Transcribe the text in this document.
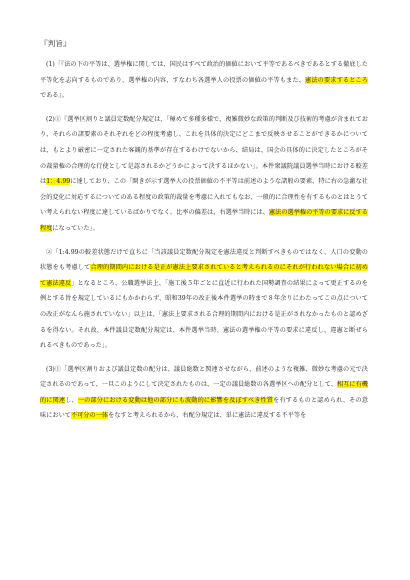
『判旨』

(1)「『法の下の平等は、選挙権に関しては、国民はすべて政治的価値において平等であるべきであるとする徹底した平等化を志向するものであり、選挙権の内容、すなわち各選挙人の投票の価値の平等もまた、憲法の要求するところである』。

(2)①『選挙区割りと議員定数配分規定は、「極めて多種多様で、複雑微妙な政策的判断及び技術的考慮が含まれており、それらの諸要素のそれぞれをどの程度考慮し、これを具体的決定にどこまで反映させることができるかについては、もとより厳密に一定された客観的基準が存在するわけでないから、結局は、国会の具体的に決定したところがその裁量権の合理的な行使として是認されるかどうかによって決するほかない」。本件衆議院議員選挙当時における較差は1：4.99に達しており、この「開きが示す選挙人の投票価値の不平等は前述のような諸般の要素、特に右の急激な社会的変化に対応するについてのある程度の政策的裁量を考慮に入れてもなお、一般的に合理性を有するものとはとうてい考えられない程度に達しているばかりでなく、比率の偏差は、右選挙当時には、憲法の選挙権の平等の要求に反する程度になっていた」。

②「1:4.99の較差状態だけで直ちに「当該議員定数配分規定を憲法違反と判断すべきものではなく、人口の変動の状態をも考慮して合理的期間内における是正が憲法上要求されていると考えられるのにそれが行われない場合に初めて憲法違反」となるところ、公職選挙法上、「施工後５年ごとに直近に行われた国勢調査の結果によって更正するのを例とする旨を規定しているにもかかわらず、昭和39年の改正後本件選挙の時まで８年余りにわたってこの点についての改正がなんら施されていない」以上は、「憲法上要求される合理的期間内における是正がされなかったものと認めざるを得ない。それ故、本件議員定数配分規定は、本件選挙当時、憲法の選挙権の平等の要求に違反し、違憲と断ぜられるべきものであった」。

(3)①「選挙区割りおよび議員定数の配分は、議員総数と関連させながら、前述のような複雑、微妙な考慮の元で決定されるのであって、一旦このようにして決定されたものは、一定の議員総数の各選挙区への配分として、相互に有機的に関連し、一の部分における変動は他の部分にも波動的に影響を及ぼすべき性質を有するものと認められ、その意味において不可分の一体をなすと考えられるから、右配分規定は、単に憲法に違反する不平等を
